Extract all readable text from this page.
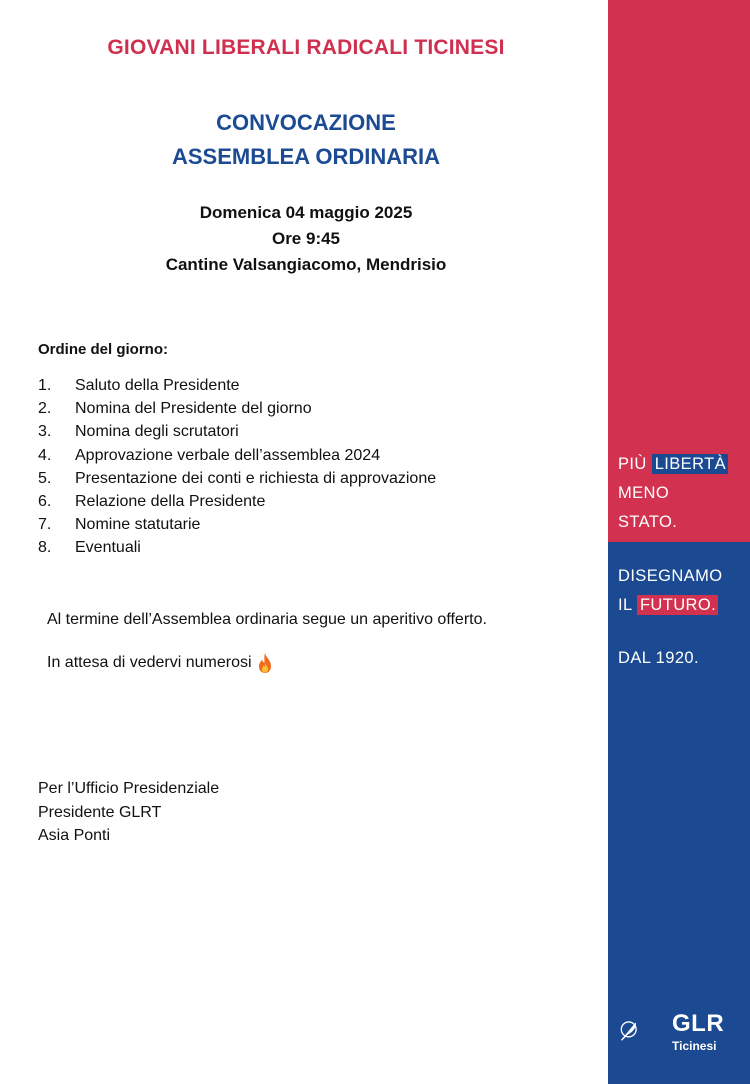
GIOVANI LIBERALI RADICALI TICINESI
CONVOCAZIONE
ASSEMBLEA ORDINARIA
Domenica 04 maggio 2025
Ore 9:45
Cantine Valsangiacomo, Mendrisio
Ordine del giorno:
1.	Saluto della Presidente
2.	Nomina del Presidente del giorno
3.	Nomina degli scrutatori
4.	Approvazione verbale dell’assemblea 2024
5.	Presentazione dei conti e richiesta di approvazione
6.	Relazione della Presidente
7.	Nomine statutarie
8.	Eventuali

Al termine dell’Assemblea ordinaria segue un aperitivo offerto.

In attesa di vedervi numerosi

Per l’Ufficio Presidenziale
Presidente GLRT
Asia Ponti
PIÙ LIBERTÀ
MENO
STATO.
DISEGNAMO
IL FUTURO.
DAL 1920.
GLR
Ticinesi
